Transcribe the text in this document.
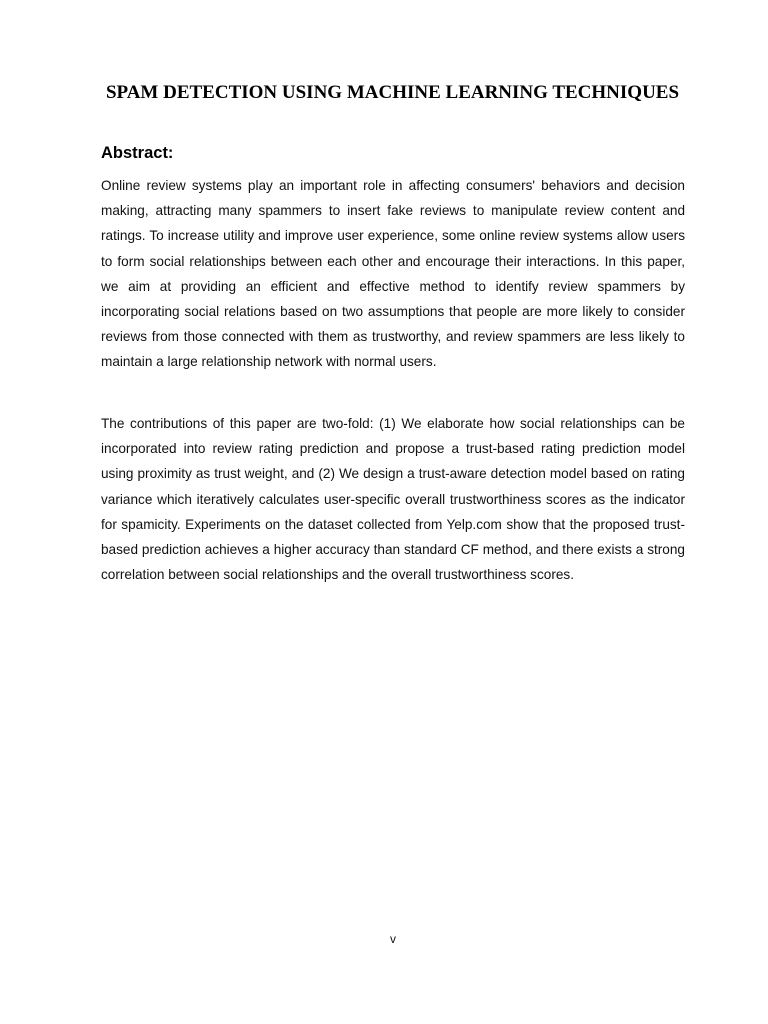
SPAM DETECTION USING MACHINE LEARNING TECHNIQUES
Abstract:

Online review systems play an important role in affecting consumers' behaviors and decision making, attracting many spammers to insert fake reviews to manipulate review content and ratings. To increase utility and improve user experience, some online review systems allow users to form social relationships between each other and encourage their interactions. In this paper, we aim at providing an efficient and effective method to identify review spammers by incorporating social relations based on two assumptions that people are more likely to consider reviews from those connected with them as trustworthy, and review spammers are less likely to maintain a large relationship network with normal users.

The contributions of this paper are two-fold: (1) We elaborate how social relationships can be incorporated into review rating prediction and propose a trust-based rating prediction model using proximity as trust weight, and (2) We design a trust-aware detection model based on rating variance which iteratively calculates user-specific overall trustworthiness scores as the indicator for spamicity. Experiments on the dataset collected from Yelp.com show that the proposed trust-based prediction achieves a higher accuracy than standard CF method, and there exists a strong correlation between social relationships and the overall trustworthiness scores.

v
